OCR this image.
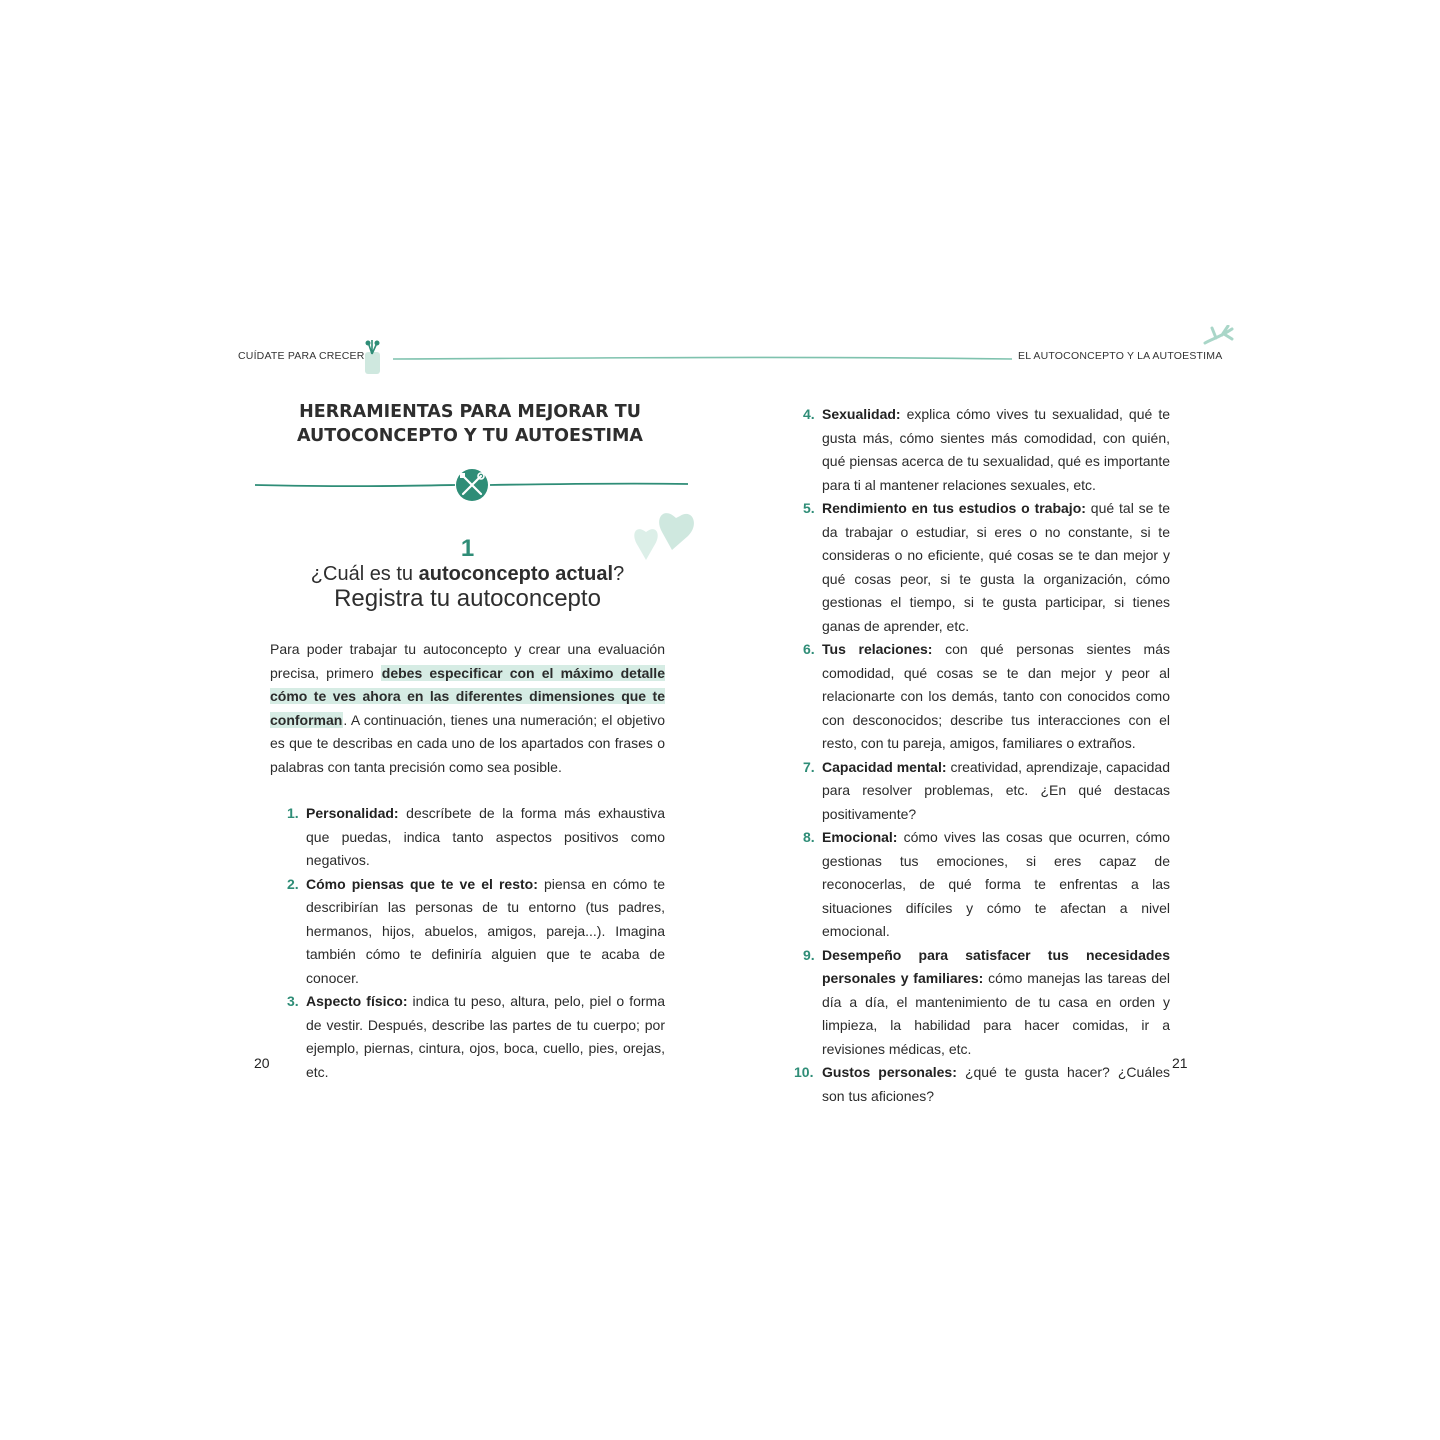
CUÍDATE PARA CRECER	EL AUTOCONCEPTO Y LA AUTOESTIMA
HERRAMIENTAS PARA MEJORAR TU
AUTOCONCEPTO Y TU AUTOESTIMA
1
¿Cuál es tu autoconcepto actual?
Registra tu autoconcepto
Para poder trabajar tu autoconcepto y crear una evaluación precisa, primero debes especificar con el máximo detalle cómo te ves ahora en las diferentes dimensiones que te conforman. A continuación, tienes una numeración; el objetivo es que te describas en cada uno de los apartados con frases o palabras con tanta precisión como sea posible.
1. Personalidad: descríbete de la forma más exhaustiva que puedas, indica tanto aspectos positivos como negativos.
2. Cómo piensas que te ve el resto: piensa en cómo te describirían las personas de tu entorno (tus padres, hermanos, hijos, abuelos, amigos, pareja...). Imagina también cómo te definiría alguien que te acaba de conocer.
3. Aspecto físico: indica tu peso, altura, pelo, piel o forma de vestir. Después, describe las partes de tu cuerpo; por ejemplo, piernas, cintura, ojos, boca, cuello, pies, orejas, etc.
20
4. Sexualidad: explica cómo vives tu sexualidad, qué te gusta más, cómo sientes más comodidad, con quién, qué piensas acerca de tu sexualidad, qué es importante para ti al mantener relaciones sexuales, etc.
5. Rendimiento en tus estudios o trabajo: qué tal se te da trabajar o estudiar, si eres o no constante, si te consideras o no eficiente, qué cosas se te dan mejor y qué cosas peor, si te gusta la organización, cómo gestionas el tiempo, si te gusta participar, si tienes ganas de aprender, etc.
6. Tus relaciones: con qué personas sientes más comodidad, qué cosas se te dan mejor y peor al relacionarte con los demás, tanto con conocidos como con desconocidos; describe tus interacciones con el resto, con tu pareja, amigos, familiares o extraños.
7. Capacidad mental: creatividad, aprendizaje, capacidad para resolver problemas, etc. ¿En qué destacas positivamente?
8. Emocional: cómo vives las cosas que ocurren, cómo gestionas tus emociones, si eres capaz de reconocerlas, de qué forma te enfrentas a las situaciones difíciles y cómo te afectan a nivel emocional.
9. Desempeño para satisfacer tus necesidades personales y familiares: cómo manejas las tareas del día a día, el mantenimiento de tu casa en orden y limpieza, la habilidad para hacer comidas, ir a revisiones médicas, etc.
10. Gustos personales: ¿qué te gusta hacer? ¿Cuáles son tus aficiones?
21
